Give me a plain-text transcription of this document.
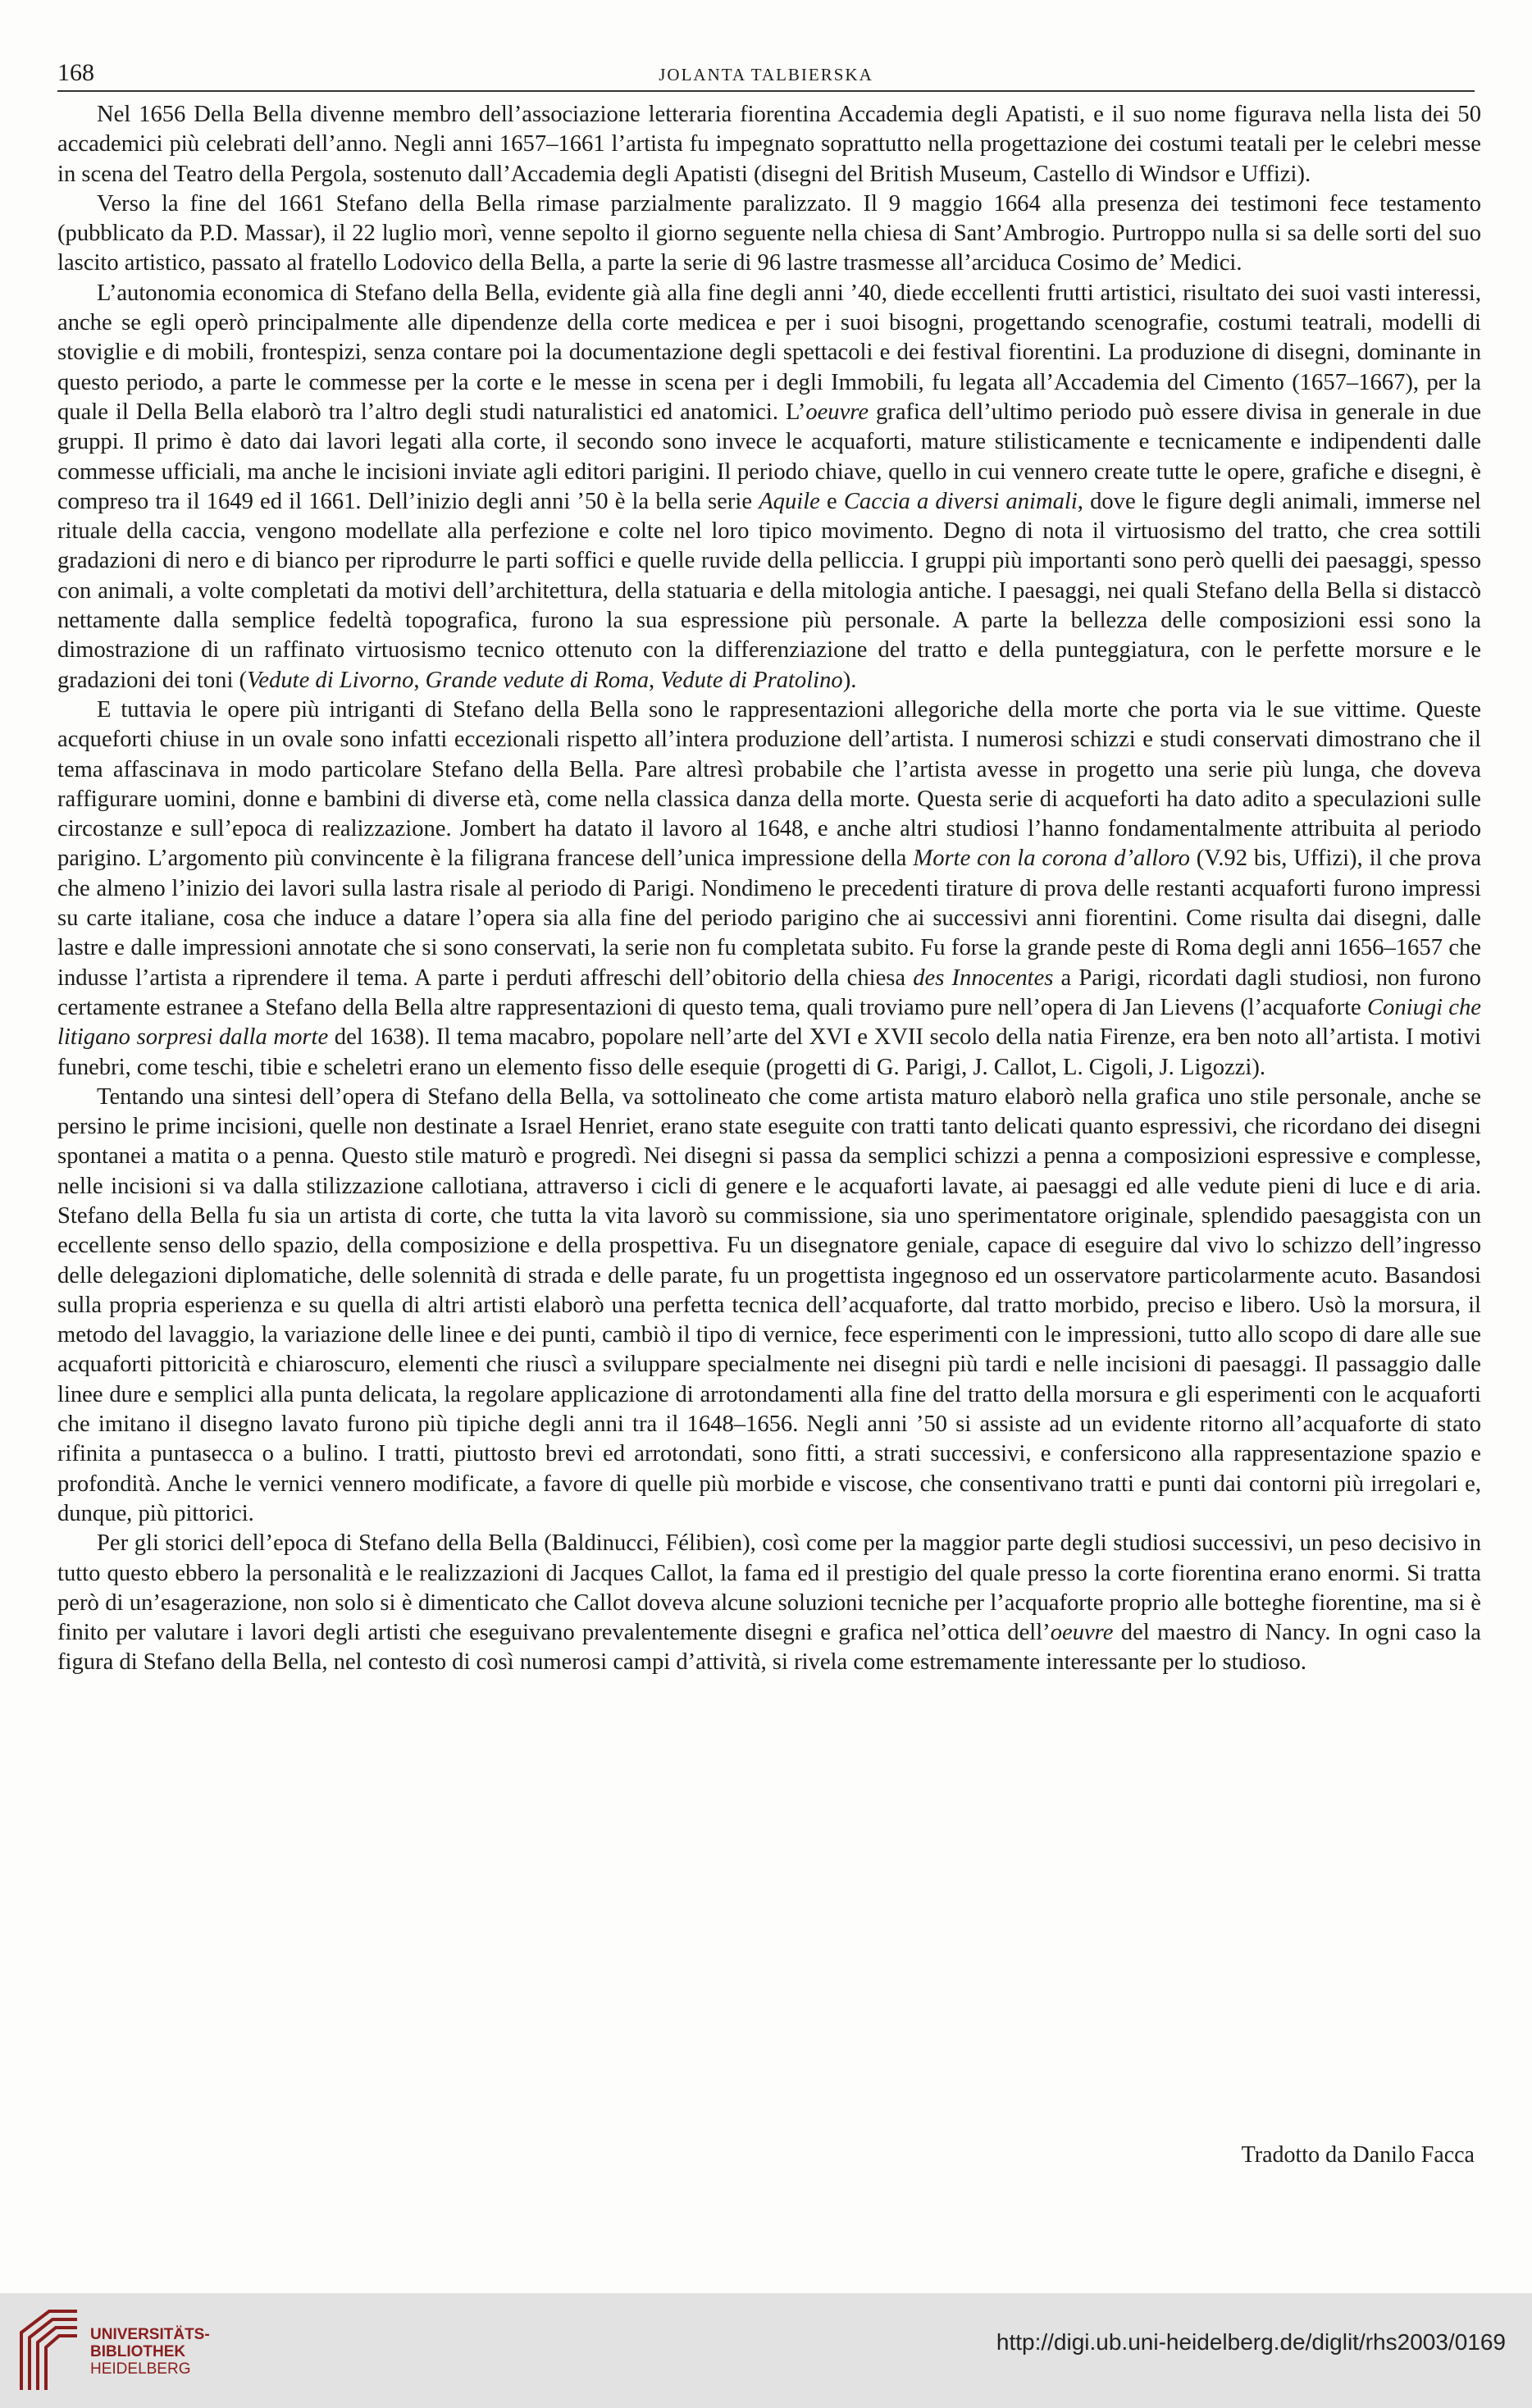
168	JOLANTA TALBIERSKA

Nel 1656 Della Bella divenne membro dell’associazione letteraria fiorentina Accademia degli Apatisti, e il suo nome figurava nella lista dei 50 accademici più celebrati dell’anno. Negli anni 1657–1661 l’artista fu impegnato soprattutto nella progettazione dei costumi teatali per le celebri messe in scena del Teatro della Pergola, sostenuto dall’Accademia degli Apatisti (disegni del British Museum, Castello di Windsor e Uffizi).

Verso la fine del 1661 Stefano della Bella rimase parzialmente paralizzato. Il 9 maggio 1664 alla presenza dei testimoni fece testamento (pubblicato da P.D. Massar), il 22 luglio morì, venne sepolto il giorno seguente nella chiesa di Sant’Ambrogio. Purtroppo nulla si sa delle sorti del suo lascito artistico, passato al fratello Lodovico della Bella, a parte la serie di 96 lastre trasmesse all’arciduca Cosimo de’ Medici.

L’autonomia economica di Stefano della Bella, evidente già alla fine degli anni ’40, diede eccellenti frutti artistici, risultato dei suoi vasti interessi, anche se egli operò principalmente alle dipendenze della corte medicea e per i suoi bisogni, progettando scenografie, costumi teatrali, modelli di stoviglie e di mobili, frontespizi, senza contare poi la documentazione degli spettacoli e dei festival fiorentini. La produzione di disegni, dominante in questo periodo, a parte le commesse per la corte e le messe in scena per i degli Immobili, fu legata all’Accademia del Cimento (1657–1667), per la quale il Della Bella elaborò tra l’altro degli studi naturalistici ed anatomici. L’oeuvre grafica dell’ultimo periodo può essere divisa in generale in due gruppi. Il primo è dato dai lavori legati alla corte, il secondo sono invece le acquaforti, mature stilisticamente e tecnicamente e indipendenti dalle commesse ufficiali, ma anche le incisioni inviate agli editori parigini. Il periodo chiave, quello in cui vennero create tutte le opere, grafiche e disegni, è compreso tra il 1649 ed il 1661. Dell’inizio degli anni ’50 è la bella serie Aquile e Caccia a diversi animali, dove le figure degli animali, immerse nel rituale della caccia, vengono modellate alla perfezione e colte nel loro tipico movimento. Degno di nota il virtuosismo del tratto, che crea sottili gradazioni di nero e di bianco per riprodurre le parti soffici e quelle ruvide della pelliccia. I gruppi più importanti sono però quelli dei paesaggi, spesso con animali, a volte completati da motivi dell’architettura, della statuaria e della mitologia antiche. I paesaggi, nei quali Stefano della Bella si distaccò nettamente dalla semplice fedeltà topografica, furono la sua espressione più personale. A parte la bellezza delle composizioni essi sono la dimostrazione di un raffinato virtuosismo tecnico ottenuto con la differenziazione del tratto e della punteggiatura, con le perfette morsure e le gradazioni dei toni (Vedute di Livorno, Grande vedute di Roma, Vedute di Pratolino).

E tuttavia le opere più intriganti di Stefano della Bella sono le rappresentazioni allegoriche della morte che porta via le sue vittime. Queste acqueforti chiuse in un ovale sono infatti eccezionali rispetto all’intera produzione dell’artista. I numerosi schizzi e studi conservati dimostrano che il tema affascinava in modo particolare Stefano della Bella. Pare altresì probabile che l’artista avesse in progetto una serie più lunga, che doveva raffigurare uomini, donne e bambini di diverse età, come nella classica danza della morte. Questa serie di acqueforti ha dato adito a speculazioni sulle circostanze e sull’epoca di realizzazione. Jombert ha datato il lavoro al 1648, e anche altri studiosi l’hanno fondamentalmente attribuita al periodo parigino. L’argomento più convincente è la filigrana francese dell’unica impressione della Morte con la corona d’alloro (V.92 bis, Uffizi), il che prova che almeno l’inizio dei lavori sulla lastra risale al periodo di Parigi. Nondimeno le precedenti tirature di prova delle restanti acquaforti furono impressi su carte italiane, cosa che induce a datare l’opera sia alla fine del periodo parigino che ai successivi anni fiorentini. Come risulta dai disegni, dalle lastre e dalle impressioni annotate che si sono conservati, la serie non fu completata subito. Fu forse la grande peste di Roma degli anni 1656–1657 che indusse l’artista a riprendere il tema. A parte i perduti affreschi dell’obitorio della chiesa des Innocentes a Parigi, ricordati dagli studiosi, non furono certamente estranee a Stefano della Bella altre rappresentazioni di questo tema, quali troviamo pure nell’opera di Jan Lievens (l’acquaforte Coniugi che litigano sorpresi dalla morte del 1638). Il tema macabro, popolare nell’arte del XVI e XVII secolo della natia Firenze, era ben noto all’artista. I motivi funebri, come teschi, tibie e scheletri erano un elemento fisso delle esequie (progetti di G. Parigi, J. Callot, L. Cigoli, J. Ligozzi).

Tentando una sintesi dell’opera di Stefano della Bella, va sottolineato che come artista maturo elaborò nella grafica uno stile personale, anche se persino le prime incisioni, quelle non destinate a Israel Henriet, erano state eseguite con tratti tanto delicati quanto espressivi, che ricordano dei disegni spontanei a matita o a penna. Questo stile maturò e progredì. Nei disegni si passa da semplici schizzi a penna a composizioni espressive e complesse, nelle incisioni si va dalla stilizzazione callotiana, attraverso i cicli di genere e le acquaforti lavate, ai paesaggi ed alle vedute pieni di luce e di aria. Stefano della Bella fu sia un artista di corte, che tutta la vita lavorò su commissione, sia uno sperimentatore originale, splendido paesaggista con un eccellente senso dello spazio, della composizione e della prospettiva. Fu un disegnatore geniale, capace di eseguire dal vivo lo schizzo dell’ingresso delle delegazioni diplomatiche, delle solennità di strada e delle parate, fu un progettista ingegnoso ed un osservatore particolarmente acuto. Basandosi sulla propria esperienza e su quella di altri artisti elaborò una perfetta tecnica dell’acquaforte, dal tratto morbido, preciso e libero. Usò la morsura, il metodo del lavaggio, la variazione delle linee e dei punti, cambiò il tipo di vernice, fece esperimenti con le impressioni, tutto allo scopo di dare alle sue acquaforti pittoricità e chiaroscuro, elementi che riuscì a sviluppare specialmente nei disegni più tardi e nelle incisioni di paesaggi. Il passaggio dalle linee dure e semplici alla punta delicata, la regolare applicazione di arrotondamenti alla fine del tratto della morsura e gli esperimenti con le acquaforti che imitano il disegno lavato furono più tipiche degli anni tra il 1648–1656. Negli anni ’50 si assiste ad un evidente ritorno all’acquaforte di stato rifinita a puntasecca o a bulino. I tratti, piuttosto brevi ed arrotondati, sono fitti, a strati successivi, e confersicono alla rappresentazione spazio e profondità. Anche le vernici vennero modificate, a favore di quelle più morbide e viscose, che consentivano tratti e punti dai contorni più irregolari e, dunque, più pittorici.

Per gli storici dell’epoca di Stefano della Bella (Baldinucci, Félibien), così come per la maggior parte degli studiosi successivi, un peso decisivo in tutto questo ebbero la personalità e le realizzazioni di Jacques Callot, la fama ed il prestigio del quale presso la corte fiorentina erano enormi. Si tratta però di un’esagerazione, non solo si è dimenticato che Callot doveva alcune soluzioni tecniche per l’acquaforte proprio alle botteghe fiorentine, ma si è finito per valutare i lavori degli artisti che eseguivano prevalentemente disegni e grafica nel’ottica dell’oeuvre del maestro di Nancy. In ogni caso la figura di Stefano della Bella, nel contesto di così numerosi campi d’attività, si rivela come estremamente interessante per lo studioso.

Tradotto da Danilo Facca
UNIVERSITÄTS-
BIBLIOTHEK
HEIDELBERG
http://digi.ub.uni-heidelberg.de/diglit/rhs2003/0169
